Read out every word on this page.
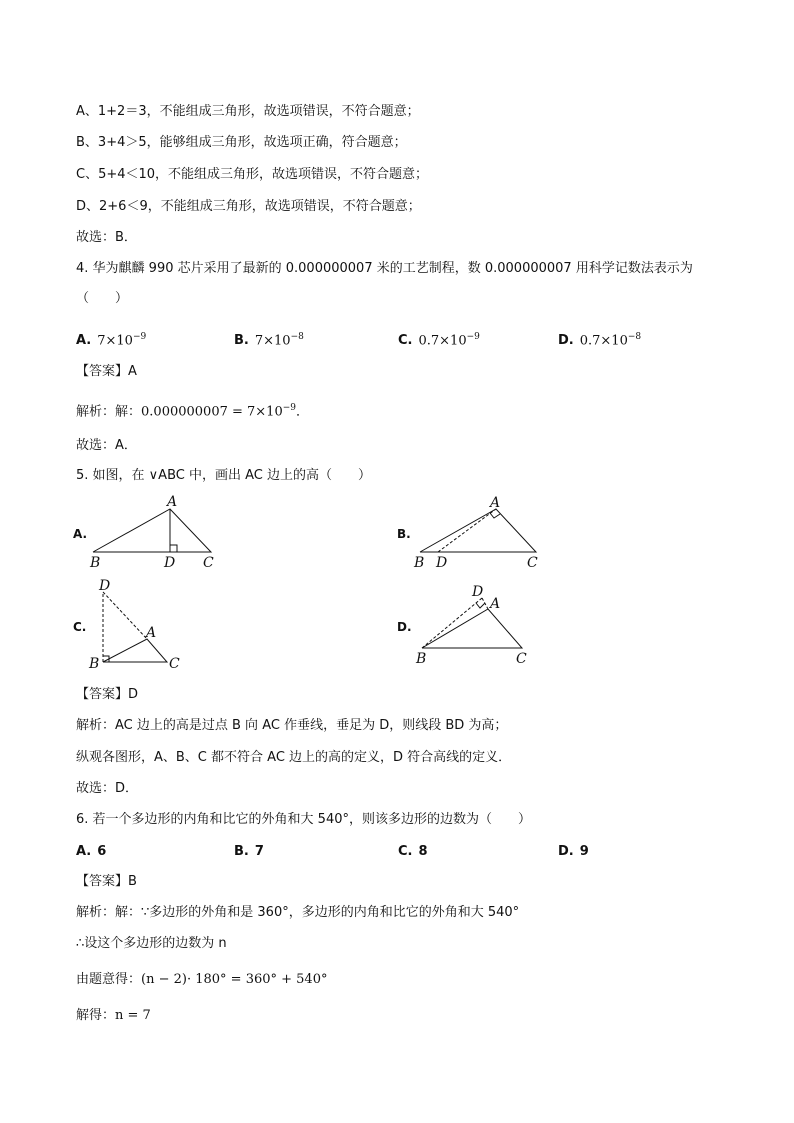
A、1+2＝3，不能组成三角形，故选项错误，不符合题意；
B、3+4＞5，能够组成三角形，故选项正确，符合题意；
C、5+4＜10，不能组成三角形，故选项错误，不符合题意；
D、2+6＜9，不能组成三角形，故选项错误，不符合题意；
故选：B．
4. 华为麒麟 990 芯片采用了最新的 0.000000007 米的工艺制程，数 0.000000007 用科学记数法表示为
（　　）
A. $7\times 10^{-9}$	B. $7\times 10^{-8}$	C. $0.7\times 10^{-9}$	D. $0.7\times 10^{-8}$
【答案】A
解析：解：$0.000000007 = 7\times 10^{-9}$．
故选：A．
5. 如图，在 ∨ABC 中，画出 AC 边上的高（　　）
A.
A
B	D C
B.
A
B D	C
C.
D
A
B	C
D.
D
A
B	C
【答案】D
解析：AC 边上的高是过点 B 向 AC 作垂线，垂足为 D，则线段 BD 为高；
纵观各图形，A、B、C 都不符合 AC 边上的高的定义，D 符合高线的定义．
故选：D．
6. 若一个多边形的内角和比它的外角和大 540°，则该多边形的边数为（　　）
A. 6	B. 7	C. 8	D. 9
【答案】B
解析：解：∵多边形的外角和是 360°，多边形的内角和比它的外角和大 540°
∴设这个多边形的边数为 n
由题意得：(n − 2)· 180° = 360° + 540°
解得：n = 7
